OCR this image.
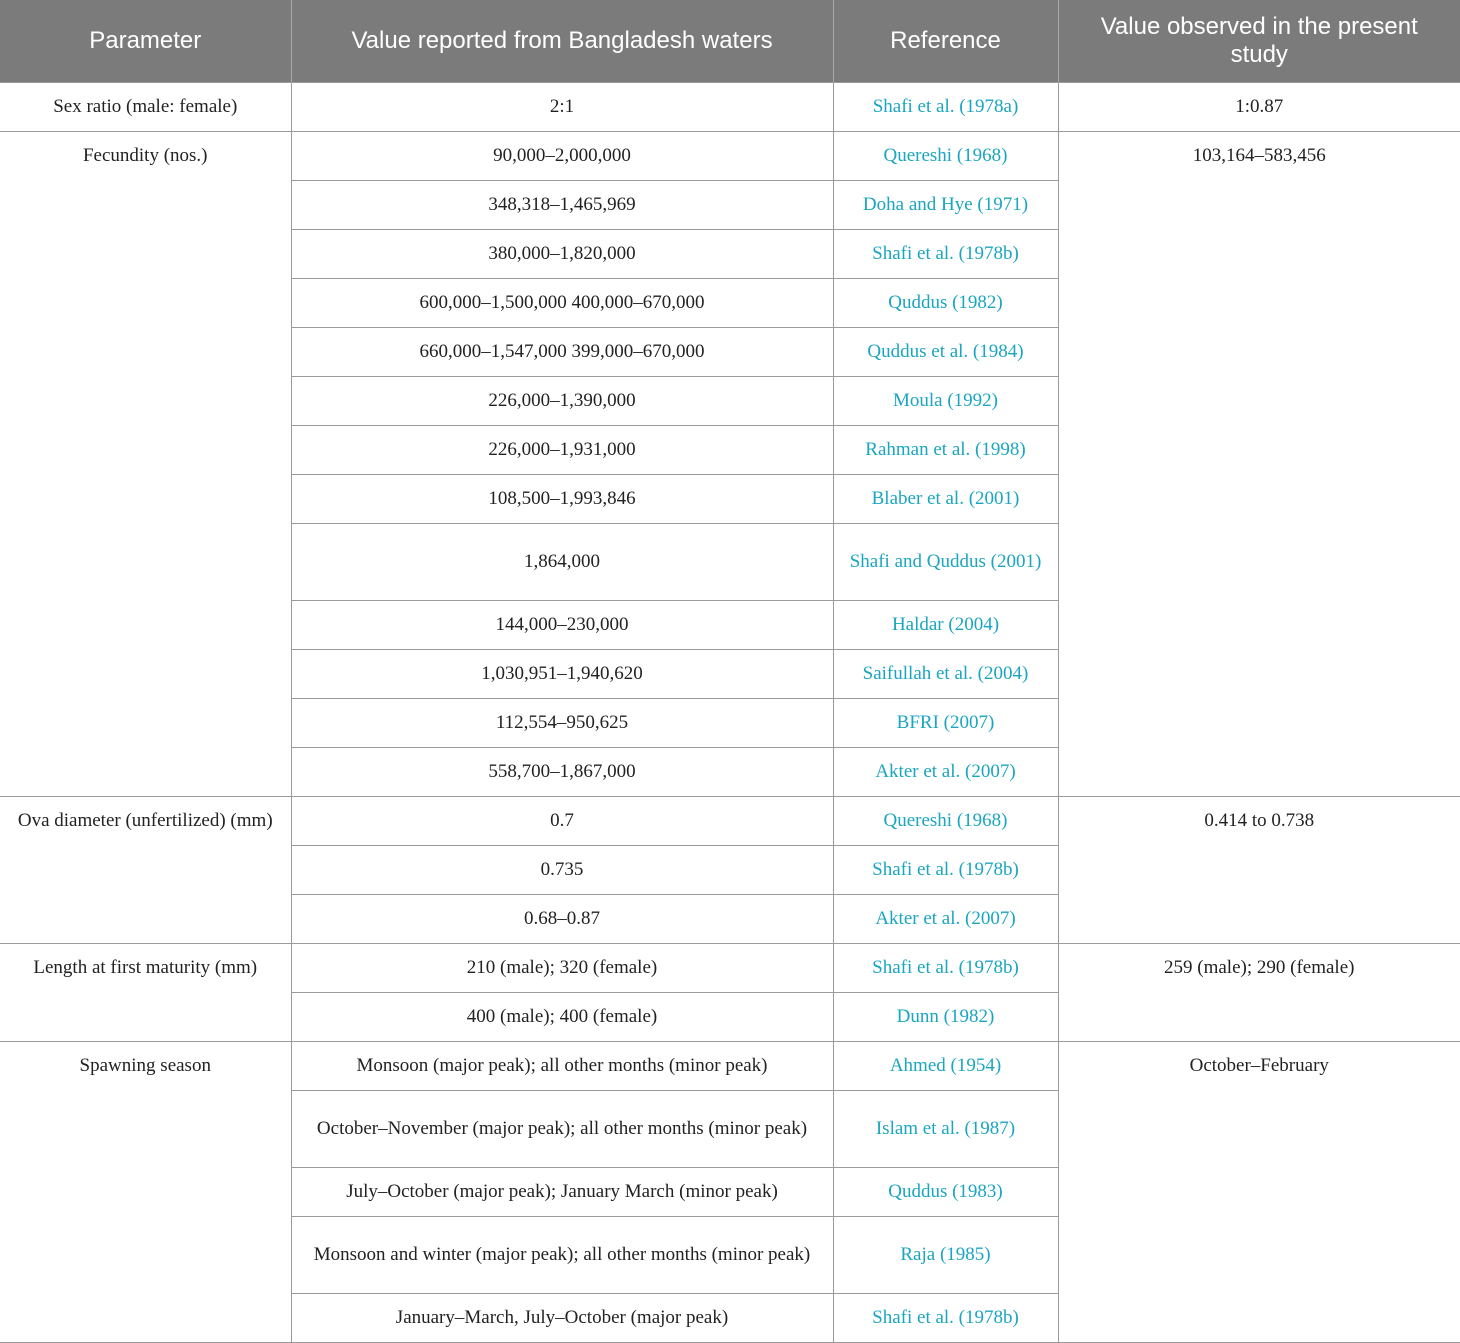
Parameter	Value reported from Bangladesh waters	Reference	Value observed in the present study
Sex ratio (male: female)	2:1	Shafi et al. (1978a)	1:0.87
Fecundity (nos.)	90,000–2,000,000	Quereshi (1968)	103,164–583,456
	348,318–1,465,969	Doha and Hye (1971)	
	380,000–1,820,000	Shafi et al. (1978b)	
	600,000–1,500,000 400,000–670,000	Quddus (1982)	
	660,000–1,547,000 399,000–670,000	Quddus et al. (1984)	
	226,000–1,390,000	Moula (1992)	
	226,000–1,931,000	Rahman et al. (1998)	
	108,500–1,993,846	Blaber et al. (2001)	
	1,864,000	Shafi and Quddus (2001)	
	144,000–230,000	Haldar (2004)	
	1,030,951–1,940,620	Saifullah et al. (2004)	
	112,554–950,625	BFRI (2007)	
	558,700–1,867,000	Akter et al. (2007)	
Ova diameter (unfertilized) (mm)	0.7	Quereshi (1968)	0.414 to 0.738
	0.735	Shafi et al. (1978b)	
	0.68–0.87	Akter et al. (2007)	
Length at first maturity (mm)	210 (male); 320 (female)	Shafi et al. (1978b)	259 (male); 290 (female)
	400 (male); 400 (female)	Dunn (1982)	
Spawning season	Monsoon (major peak); all other months (minor peak)	Ahmed (1954)	October–February
	October–November (major peak); all other months (minor peak)	Islam et al. (1987)	
	July–October (major peak); January March (minor peak)	Quddus (1983)	
	Monsoon and winter (major peak); all other months (minor peak)	Raja (1985)	
	January–March, July–October (major peak)	Shafi et al. (1978b)	
